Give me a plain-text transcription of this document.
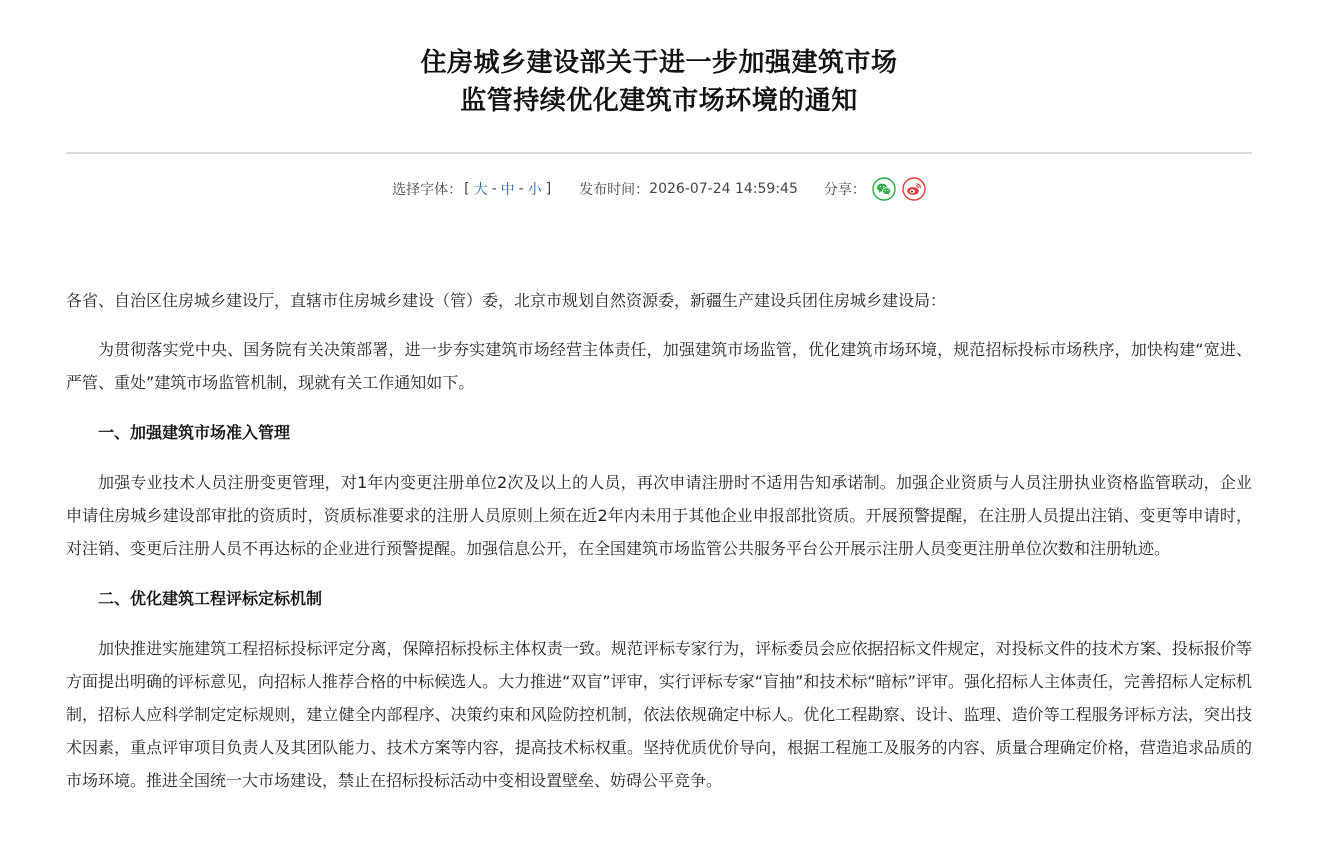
住房城乡建设部关于进一步加强建筑市场
监管持续优化建筑市场环境的通知
选择字体： [ 大 - 中 - 小 ] 发布时间： 2026-07-24 14:59:45 分享：

各省、自治区住房城乡建设厅，直辖市住房城乡建设（管）委，北京市规划自然资源委，新疆生产建设兵团住房城乡建设局：

为贯彻落实党中央、国务院有关决策部署，进一步夯实建筑市场经营主体责任，加强建筑市场监管，优化建筑市场环境，规范招标投标市场秩序，加快构建“宽进、严管、重处”建筑市场监管机制，现就有关工作通知如下。

一、加强建筑市场准入管理

加强专业技术人员注册变更管理，对1年内变更注册单位2次及以上的人员，再次申请注册时不适用告知承诺制。加强企业资质与人员注册执业资格监管联动，企业申请住房城乡建设部审批的资质时，资质标准要求的注册人员原则上须在近2年内未用于其他企业申报部批资质。开展预警提醒，在注册人员提出注销、变更等申请时，对注销、变更后注册人员不再达标的企业进行预警提醒。加强信息公开，在全国建筑市场监管公共服务平台公开展示注册人员变更注册单位次数和注册轨迹。

二、优化建筑工程评标定标机制

加快推进实施建筑工程招标投标评定分离，保障招标投标主体权责一致。规范评标专家行为，评标委员会应依据招标文件规定，对投标文件的技术方案、投标报价等方面提出明确的评标意见，向招标人推荐合格的中标候选人。大力推进“双盲”评审，实行评标专家“盲抽”和技术标“暗标”评审。强化招标人主体责任，完善招标人定标机制，招标人应科学制定定标规则，建立健全内部程序、决策约束和风险防控机制，依法依规确定中标人。优化工程勘察、设计、监理、造价等工程服务评标方法，突出技术因素，重点评审项目负责人及其团队能力、技术方案等内容，提高技术标权重。坚持优质优价导向，根据工程施工及服务的内容、质量合理确定价格，营造追求品质的市场环境。推进全国统一大市场建设，禁止在招标投标活动中变相设置壁垒、妨碍公平竞争。
